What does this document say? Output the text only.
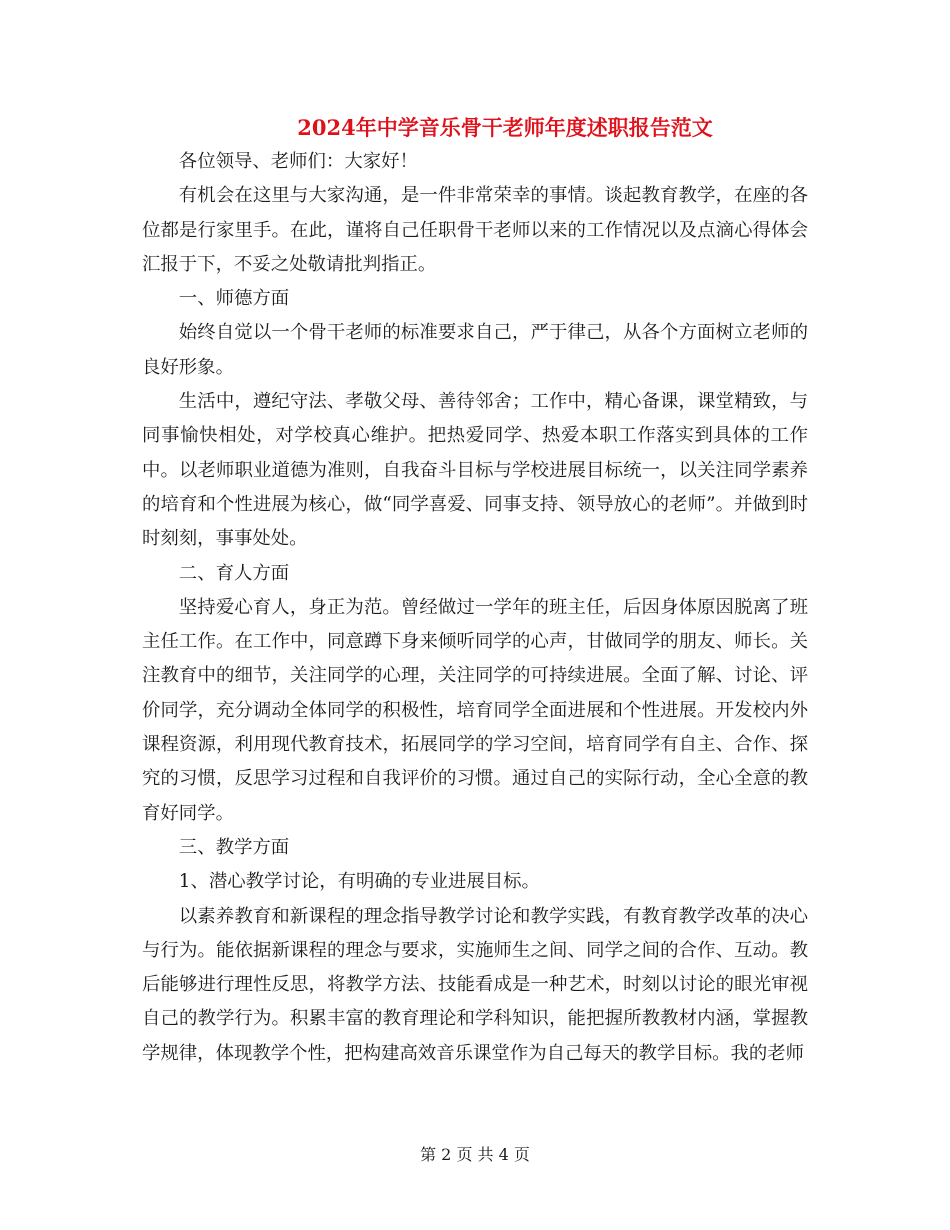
2024年中学音乐骨干老师年度述职报告范文

各位领导、老师们：大家好！

有机会在这里与大家沟通，是一件非常荣幸的事情。谈起教育教学，在座的各位都是行家里手。在此，谨将自己任职骨干老师以来的工作情况以及点滴心得体会汇报于下，不妥之处敬请批判指正。

一、师德方面

始终自觉以一个骨干老师的标准要求自己，严于律己，从各个方面树立老师的良好形象。

生活中，遵纪守法、孝敬父母、善待邻舍；工作中，精心备课，课堂精致，与同事愉快相处，对学校真心维护。把热爱同学、热爱本职工作落实到具体的工作中。以老师职业道德为准则，自我奋斗目标与学校进展目标统一，以关注同学素养的培育和个性进展为核心，做“同学喜爱、同事支持、领导放心的老师”。并做到时时刻刻，事事处处。

二、育人方面

坚持爱心育人，身正为范。曾经做过一学年的班主任，后因身体原因脱离了班主任工作。在工作中，同意蹲下身来倾听同学的心声，甘做同学的朋友、师长。关注教育中的细节，关注同学的心理，关注同学的可持续进展。全面了解、讨论、评价同学，充分调动全体同学的积极性，培育同学全面进展和个性进展。开发校内外课程资源，利用现代教育技术，拓展同学的学习空间，培育同学有自主、合作、探究的习惯，反思学习过程和自我评价的习惯。通过自己的实际行动，全心全意的教育好同学。

三、教学方面

1、潜心教学讨论，有明确的专业进展目标。

以素养教育和新课程的理念指导教学讨论和教学实践，有教育教学改革的决心与行为。能依据新课程的理念与要求，实施师生之间、同学之间的合作、互动。教后能够进行理性反思，将教学方法、技能看成是一种艺术，时刻以讨论的眼光审视自己的教学行为。积累丰富的教育理论和学科知识，能把握所教教材内涵，掌握教学规律，体现教学个性，把构建高效音乐课堂作为自己每天的教学目标。我的老师

第 2 页 共 4 页
